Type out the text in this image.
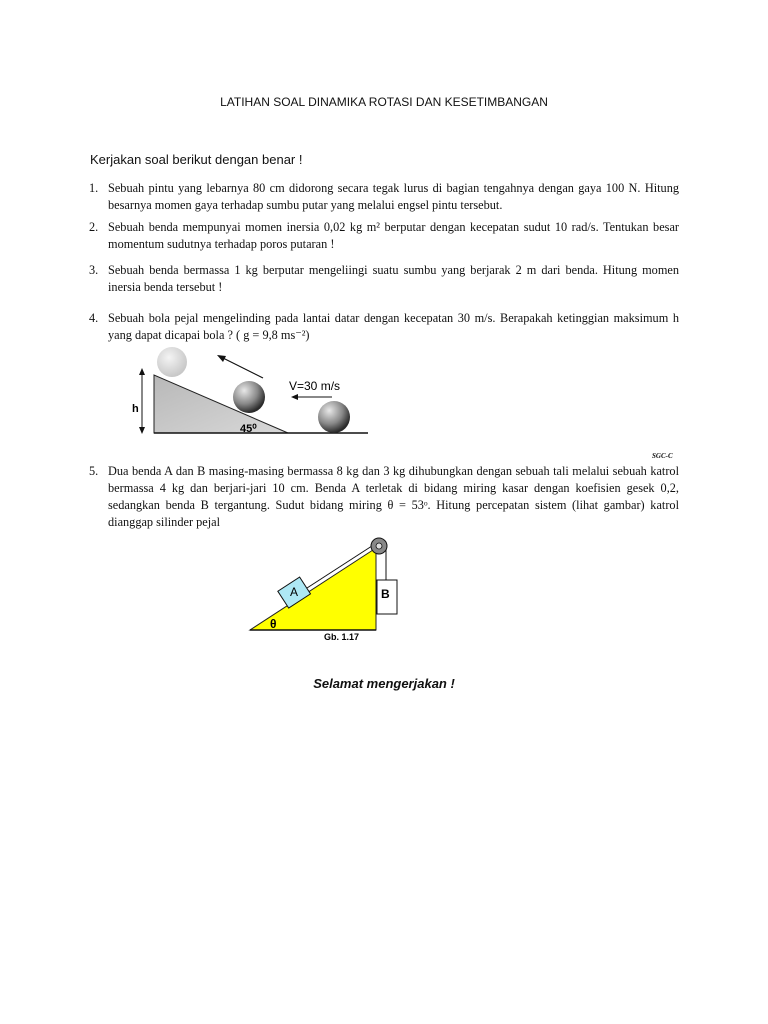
LATIHAN SOAL DINAMIKA ROTASI DAN KESETIMBANGAN
Kerjakan soal berikut dengan benar !
1. Sebuah pintu yang lebarnya 80 cm didorong secara tegak lurus di bagian tengahnya dengan gaya 100 N. Hitung besarnya momen gaya terhadap sumbu putar yang melalui engsel pintu tersebut.
2. Sebuah benda mempunyai momen inersia 0,02 kg m² berputar dengan kecepatan sudut 10 rad/s. Tentukan besar momentum sudutnya terhadap poros putaran !
3. Sebuah benda bermassa 1 kg berputar mengeliingi suatu sumbu yang berjarak 2 m dari benda. Hitung momen inersia benda tersebut !
4. Sebuah bola pejal mengelinding pada lantai datar dengan kecepatan 30 m/s. Berapakah ketinggian maksimum h yang dapat dicapai bola ? ( g = 9,8 ms⁻²)
h
V=30 m/s
45⁰
SGC-C
5. Dua benda A dan B masing-masing bermassa 8 kg dan 3 kg dihubungkan dengan sebuah tali melalui sebuah katrol bermassa 4 kg dan berjari-jari 10 cm. Benda A terletak di bidang miring kasar dengan koefisien gesek 0,2, sedangkan benda B tergantung. Sudut bidang miring θ = 53ᵒ. Hitung percepatan sistem (lihat gambar) katrol dianggap silinder pejal
A	B
θ
Gb. 1.17
Selamat mengerjakan !
